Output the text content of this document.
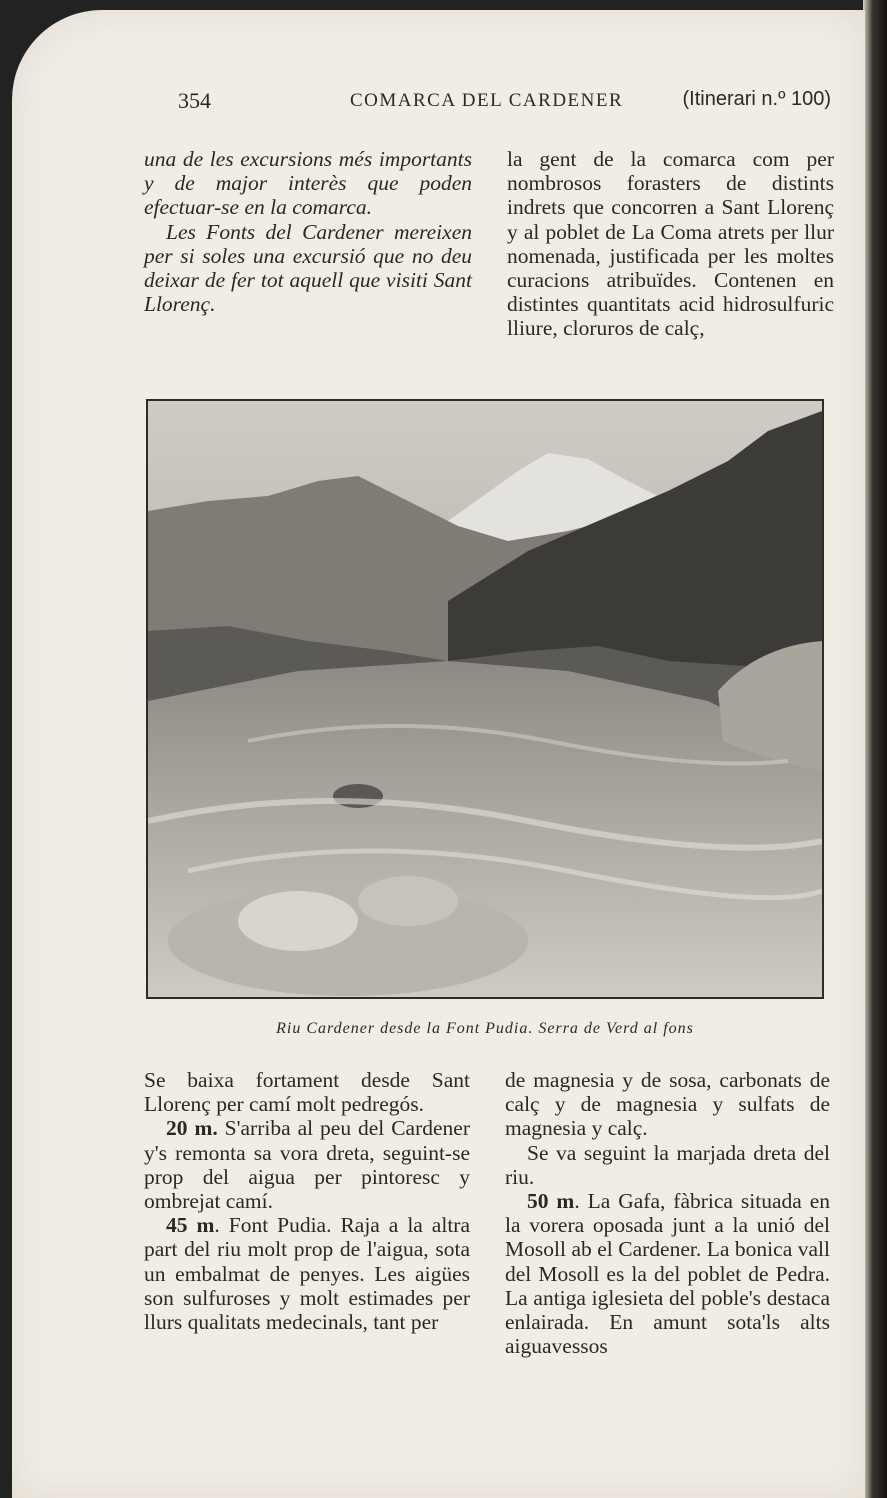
354	COMARCA DEL CARDENER	(Itinerari n.º 100)

una de les excursions més importants y de major interès que poden efectuar-se en la comarca.

Les Fonts del Cardener mereixen per si soles una excursió que no deu deixar de fer tot aquell que visiti Sant Llorenç.

la gent de la comarca com per nombrosos forasters de distints indrets que concorren a Sant Llorenç y al poblet de La Coma atrets per llur nomenada, justificada per les moltes curacions atribuïdes. Contenen en distintes quantitats acid hidrosulfuric lliure, cloruros de calç,

Riu Cardener desde la Font Pudia. Serra de Verd al fons

Se baixa fortament desde Sant Llorenç per camí molt pedregós.

20 m. S'arriba al peu del Cardener y's remonta sa vora dreta, seguint-se prop del aigua per pintoresc y ombrejat camí.

45 m. Font Pudia. Raja a la altra part del riu molt prop de l'aigua, sota un embalmat de penyes. Les aigües son sulfuroses y molt estimades per llurs qualitats medecinals, tant per

de magnesia y de sosa, carbonats de calç y de magnesia y sulfats de magnesia y calç.

Se va seguint la marjada dreta del riu.

50 m. La Gafa, fàbrica situada en la vorera oposada junt a la unió del Mosoll ab el Cardener. La bonica vall del Mosoll es la del poblet de Pedra. La antiga iglesieta del poble's destaca enlairada. En amunt sota'ls alts aiguavessos
